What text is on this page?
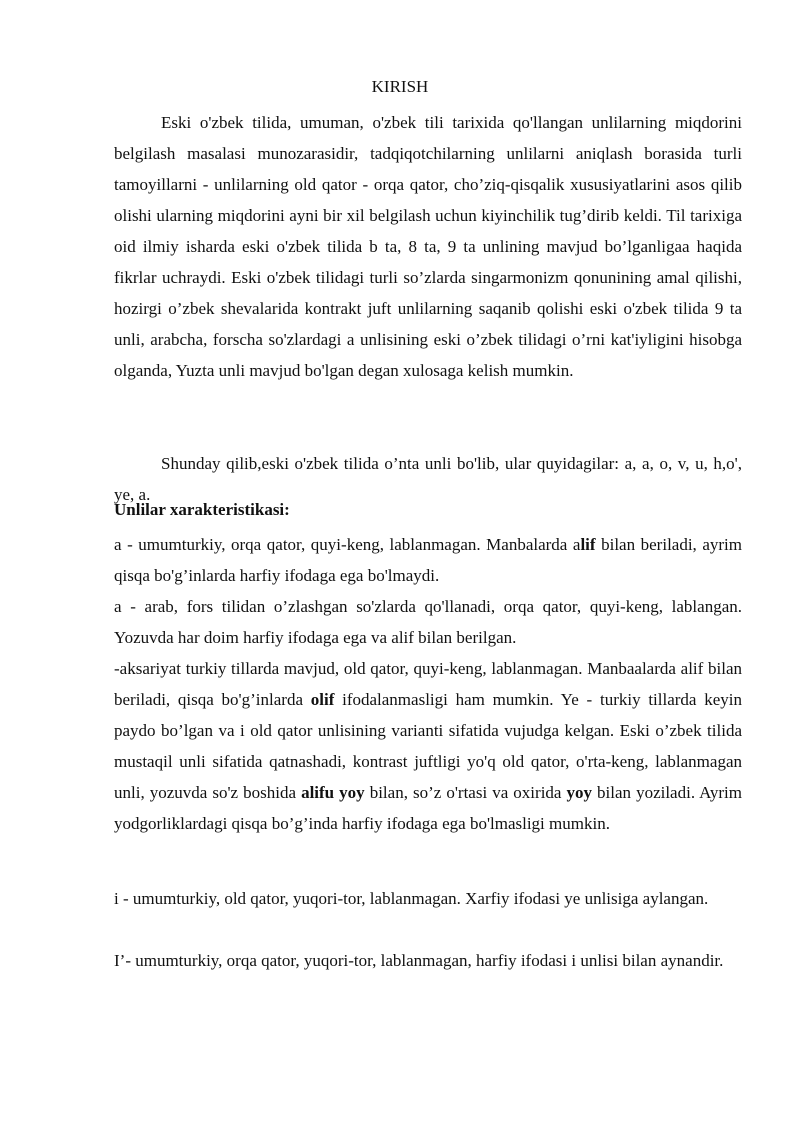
KIRISH

Eski o'zbek tilida, umuman, o'zbek tili tarixida qo'llangan unlilarning miqdorini belgilash masalasi munozarasidir, tadqiqotchilarning unlilarni aniqlash borasida turli tamoyillarni - unlilarning old qator - orqa qator, cho’ziq-qisqalik xususiyatlarini asos qilib olishi ularning miqdorini ayni bir xil belgilash uchun kiyinchilik tug’dirib keldi. Til tarixiga oid ilmiy isharda eski o'zbek tilida b ta, 8 ta, 9 ta unlining mavjud bo’lganligaa haqida fikrlar uchraydi. Eski o'zbek tilidagi turli so’zlarda singarmonizm qonunining amal qilishi, hozirgi o’zbek shevalarida kontrakt juft unlilarning saqanib qolishi eski o'zbek tilida 9 ta unli, arabcha, forscha so'zlardagi a unlisining eski o’zbek tilidagi o’rni kat'iyligini hisobga olganda, Yuzta unli mavjud bo'lgan degan xulosaga kelish mumkin.

Shunday qilib,eski o'zbek tilida o’nta unli bo'lib, ular quyidagilar: a, a, o, v, u, h,o', ye, a.

Unlilar xarakteristikasi:

a - umumturkiy, orqa qator, quyi-keng, lablanmagan. Manbalarda alif bilan beriladi, ayrim qisqa bo'g’inlarda harfiy ifodaga ega bo'lmaydi.

a - arab, fors tilidan o’zlashgan so'zlarda qo'llanadi, orqa qator, quyi-keng, lablangan. Yozuvda har doim harfiy ifodaga ega va alif bilan berilgan.

-aksariyat turkiy tillarda mavjud, old qator, quyi-keng, lablanmagan. Manbaalarda alif bilan beriladi, qisqa bo'g’inlarda olif ifodalanmasligi ham mumkin. Ye - turkiy tillarda keyin paydo bo’lgan va i old qator unlisining varianti sifatida vujudga kelgan. Eski o’zbek tilida mustaqil unli sifatida qatnashadi, kontrast juftligi yo'q old qator, o'rta-keng, lablanmagan unli, yozuvda so'z boshida alifu yoy bilan, so’z o'rtasi va oxirida yoy bilan yoziladi. Ayrim yodgorliklardagi qisqa bo’g’inda harfiy ifodaga ega bo'lmasligi mumkin.

i - umumturkiy, old qator, yuqori-tor, lablanmagan. Xarfiy ifodasi ye unlisiga aylangan.

I’- umumturkiy, orqa qator, yuqori-tor, lablanmagan, harfiy ifodasi i unlisi bilan aynandir.
